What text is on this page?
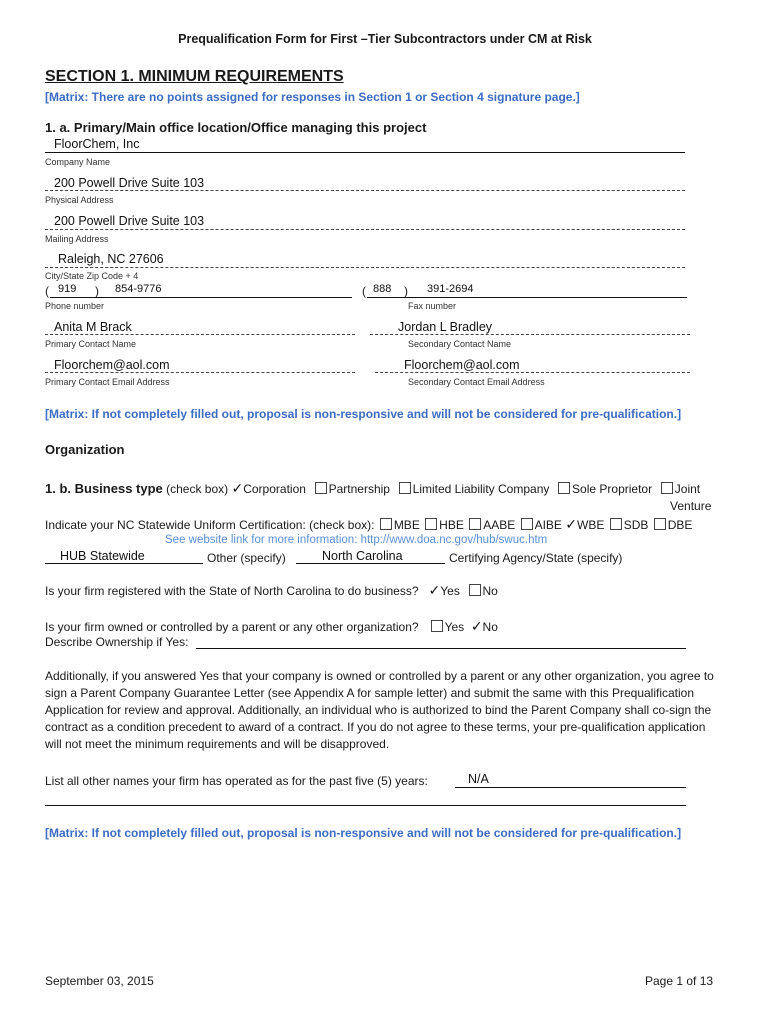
Prequalification Form for First –Tier Subcontractors under CM at Risk
SECTION 1. MINIMUM REQUIREMENTS
[Matrix: There are no points assigned for responses in Section 1 or Section 4 signature page.]
1. a. Primary/Main office location/Office managing this project
FloorChem, Inc
Company Name
200 Powell Drive Suite 103
Physical Address
200 Powell Drive Suite 103
Mailing Address
Raleigh, NC 27606
City/State Zip Code + 4
( 919 ) 854-9776
Phone number
( 888 ) 391-2694
Fax number
Anita M Brack
Primary Contact Name
Jordan L Bradley
Secondary Contact Name
Floorchem@aol.com
Primary Contact Email Address
Floorchem@aol.com
Secondary Contact Email Address
[Matrix: If not completely filled out, proposal is non-responsive and will not be considered for pre-qualification.]
Organization
1. b. Business type (check box) ✓Corporation Partnership Limited Liability Company Sole Proprietor Joint
Venture
Indicate your NC Statewide Uniform Certification: (check box): MBE HBE AABE AIBE ✓WBE SDB DBE
See website link for more information: http://www.doa.nc.gov/hub/swuc.htm
HUB Statewide	Other (specify)	North Carolina	Certifying Agency/State (specify)
Is your firm registered with the State of North Carolina to do business? ✓Yes No
Is your firm owned or controlled by a parent or any other organization? Yes ✓No
Describe Ownership if Yes:
Additionally, if you answered Yes that your company is owned or controlled by a parent or any other organization, you agree to sign a Parent Company Guarantee Letter (see Appendix A for sample letter) and submit the same with this Prequalification Application for review and approval. Additionally, an individual who is authorized to bind the Parent Company shall co-sign the contract as a condition precedent to award of a contract. If you do not agree to these terms, your pre-qualification application will not meet the minimum requirements and will be disapproved.
List all other names your firm has operated as for the past five (5) years:	N/A
[Matrix: If not completely filled out, proposal is non-responsive and will not be considered for pre-qualification.]
September 03, 2015	Page 1 of 13
